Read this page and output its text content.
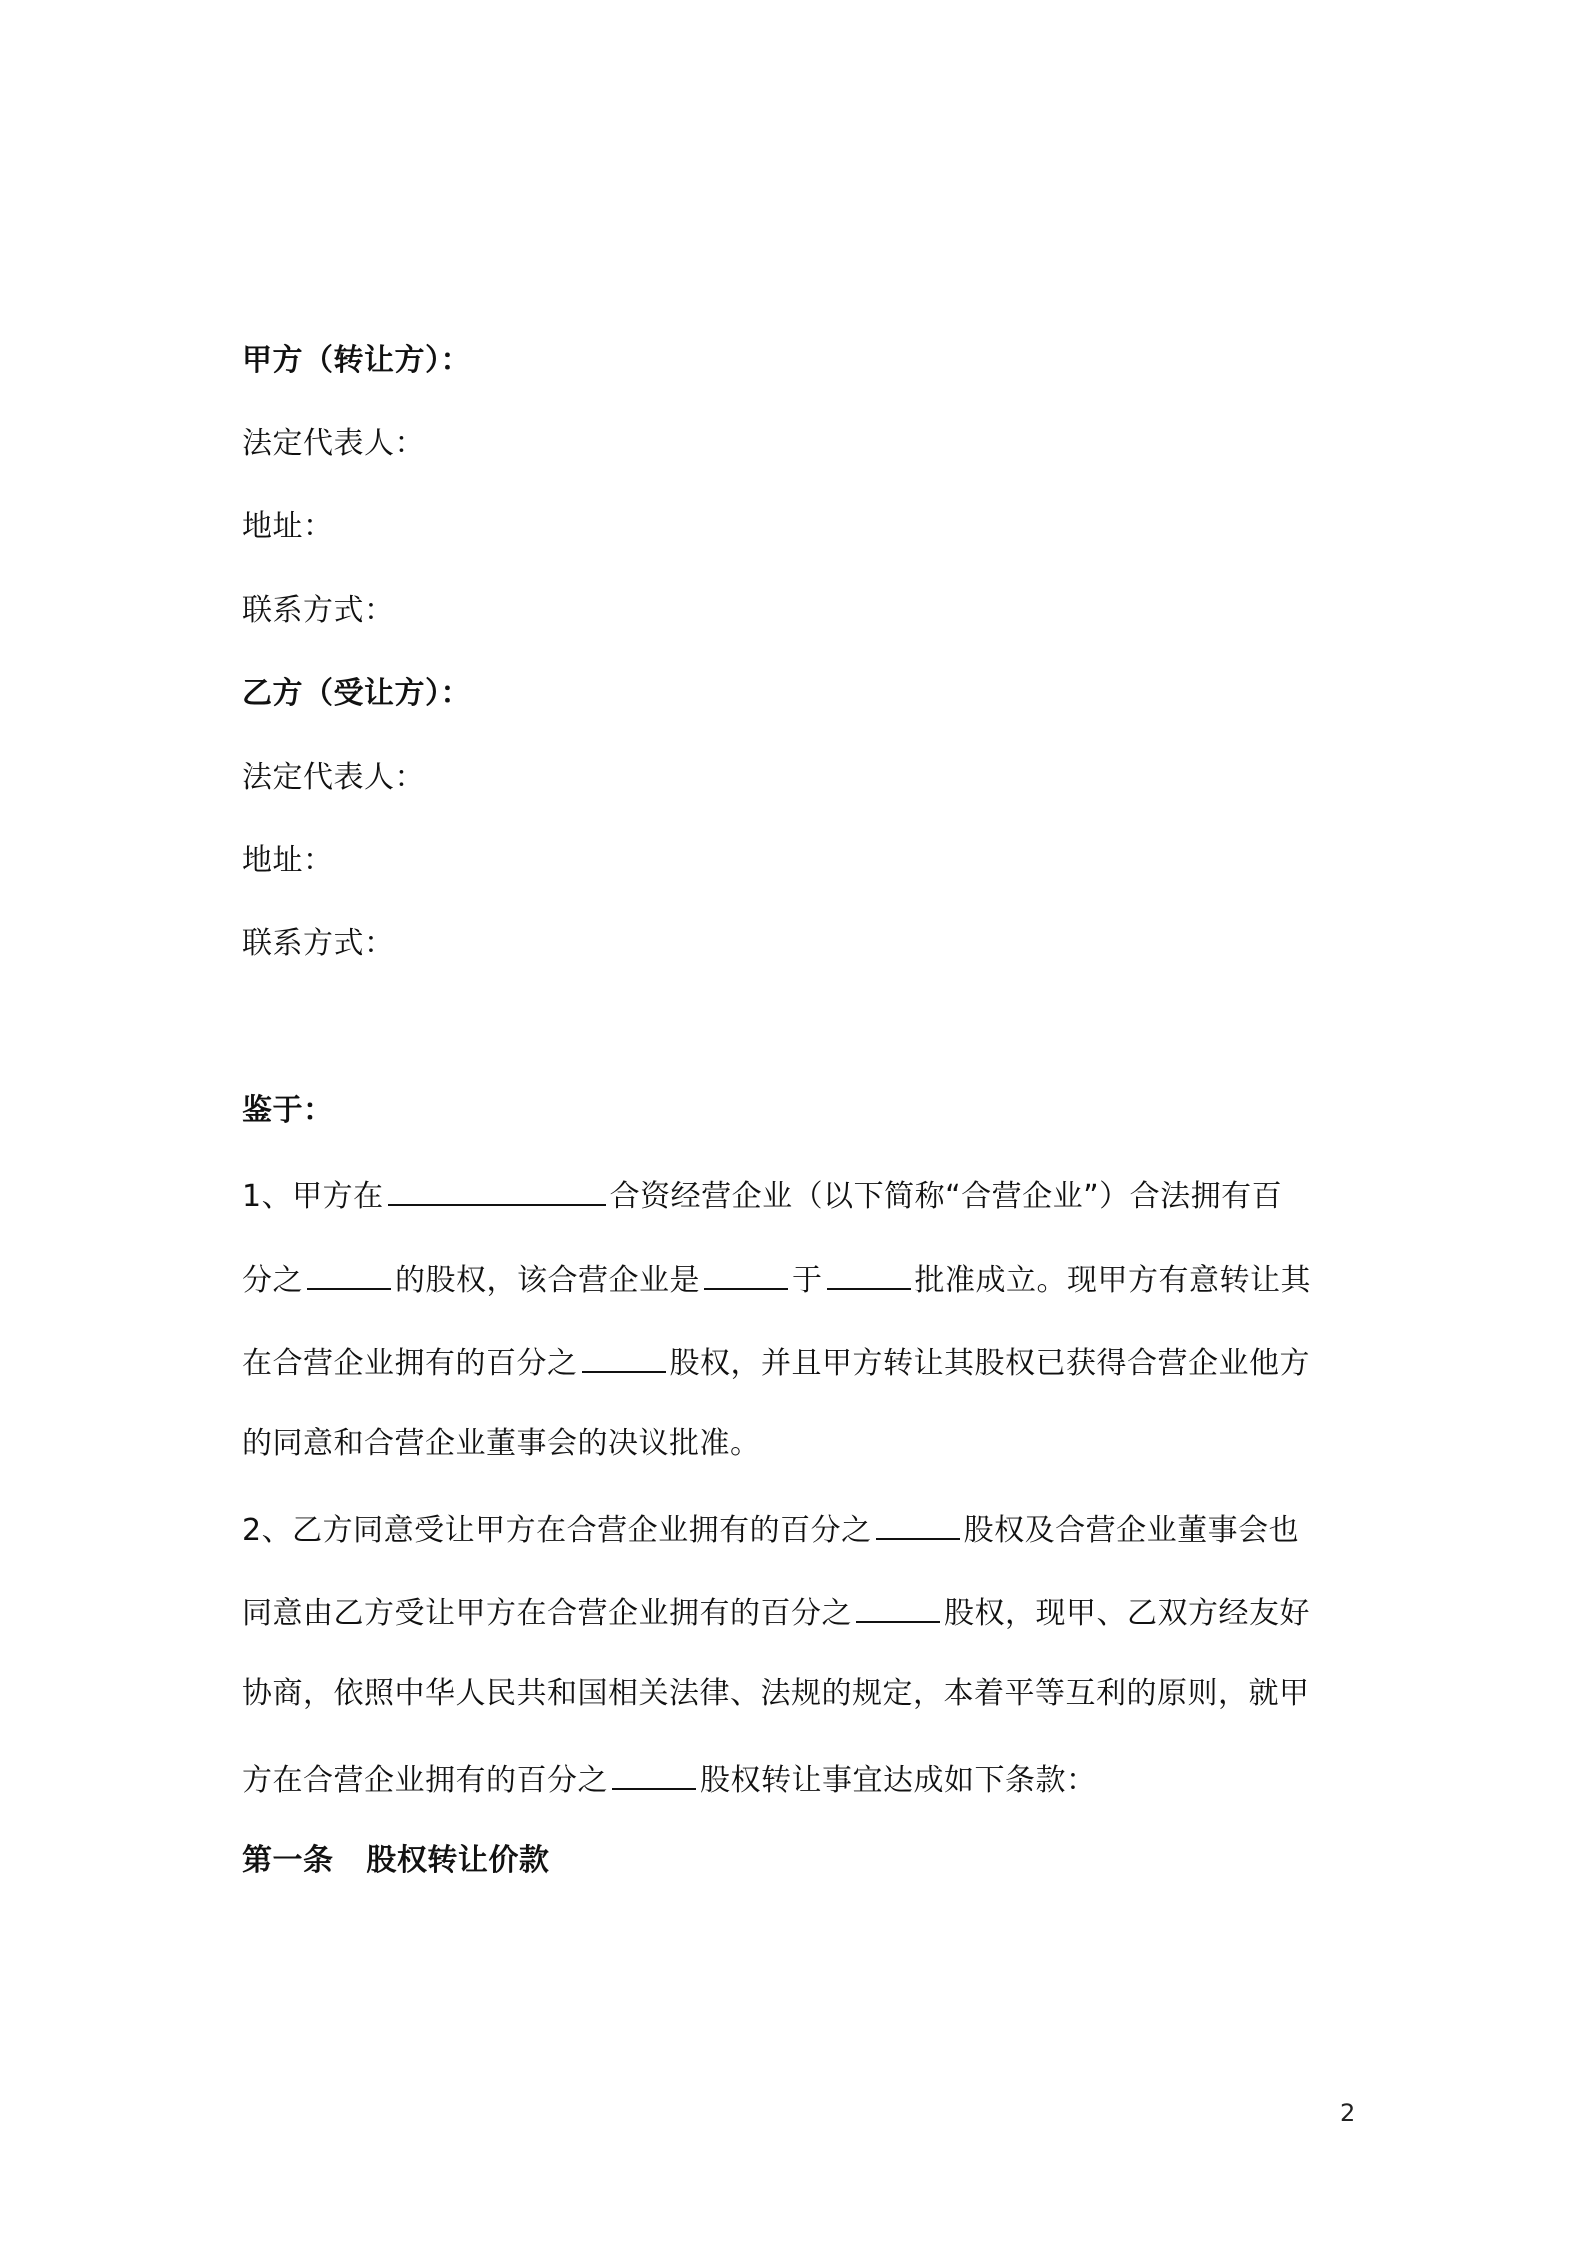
甲方（转让方）：
法定代表人：
地址：
联系方式：
乙方（受让方）：
法定代表人：
地址：
联系方式：
鉴于：
1、甲方在	合资经营企业（以下简称“合营企业”）合法拥有百
分之	的股权，该合营企业是	于	批准成立。现甲方有意转让其
在合营企业拥有的百分之	股权，并且甲方转让其股权已获得合营企业他方
的同意和合营企业董事会的决议批准。
2、乙方同意受让甲方在合营企业拥有的百分之	股权及合营企业董事会也
同意由乙方受让甲方在合营企业拥有的百分之	股权，现甲、乙双方经友好
协商，依照中华人民共和国相关法律、法规的规定，本着平等互利的原则，就甲
方在合营企业拥有的百分之	股权转让事宜达成如下条款：
第一条   股权转让价款
2
